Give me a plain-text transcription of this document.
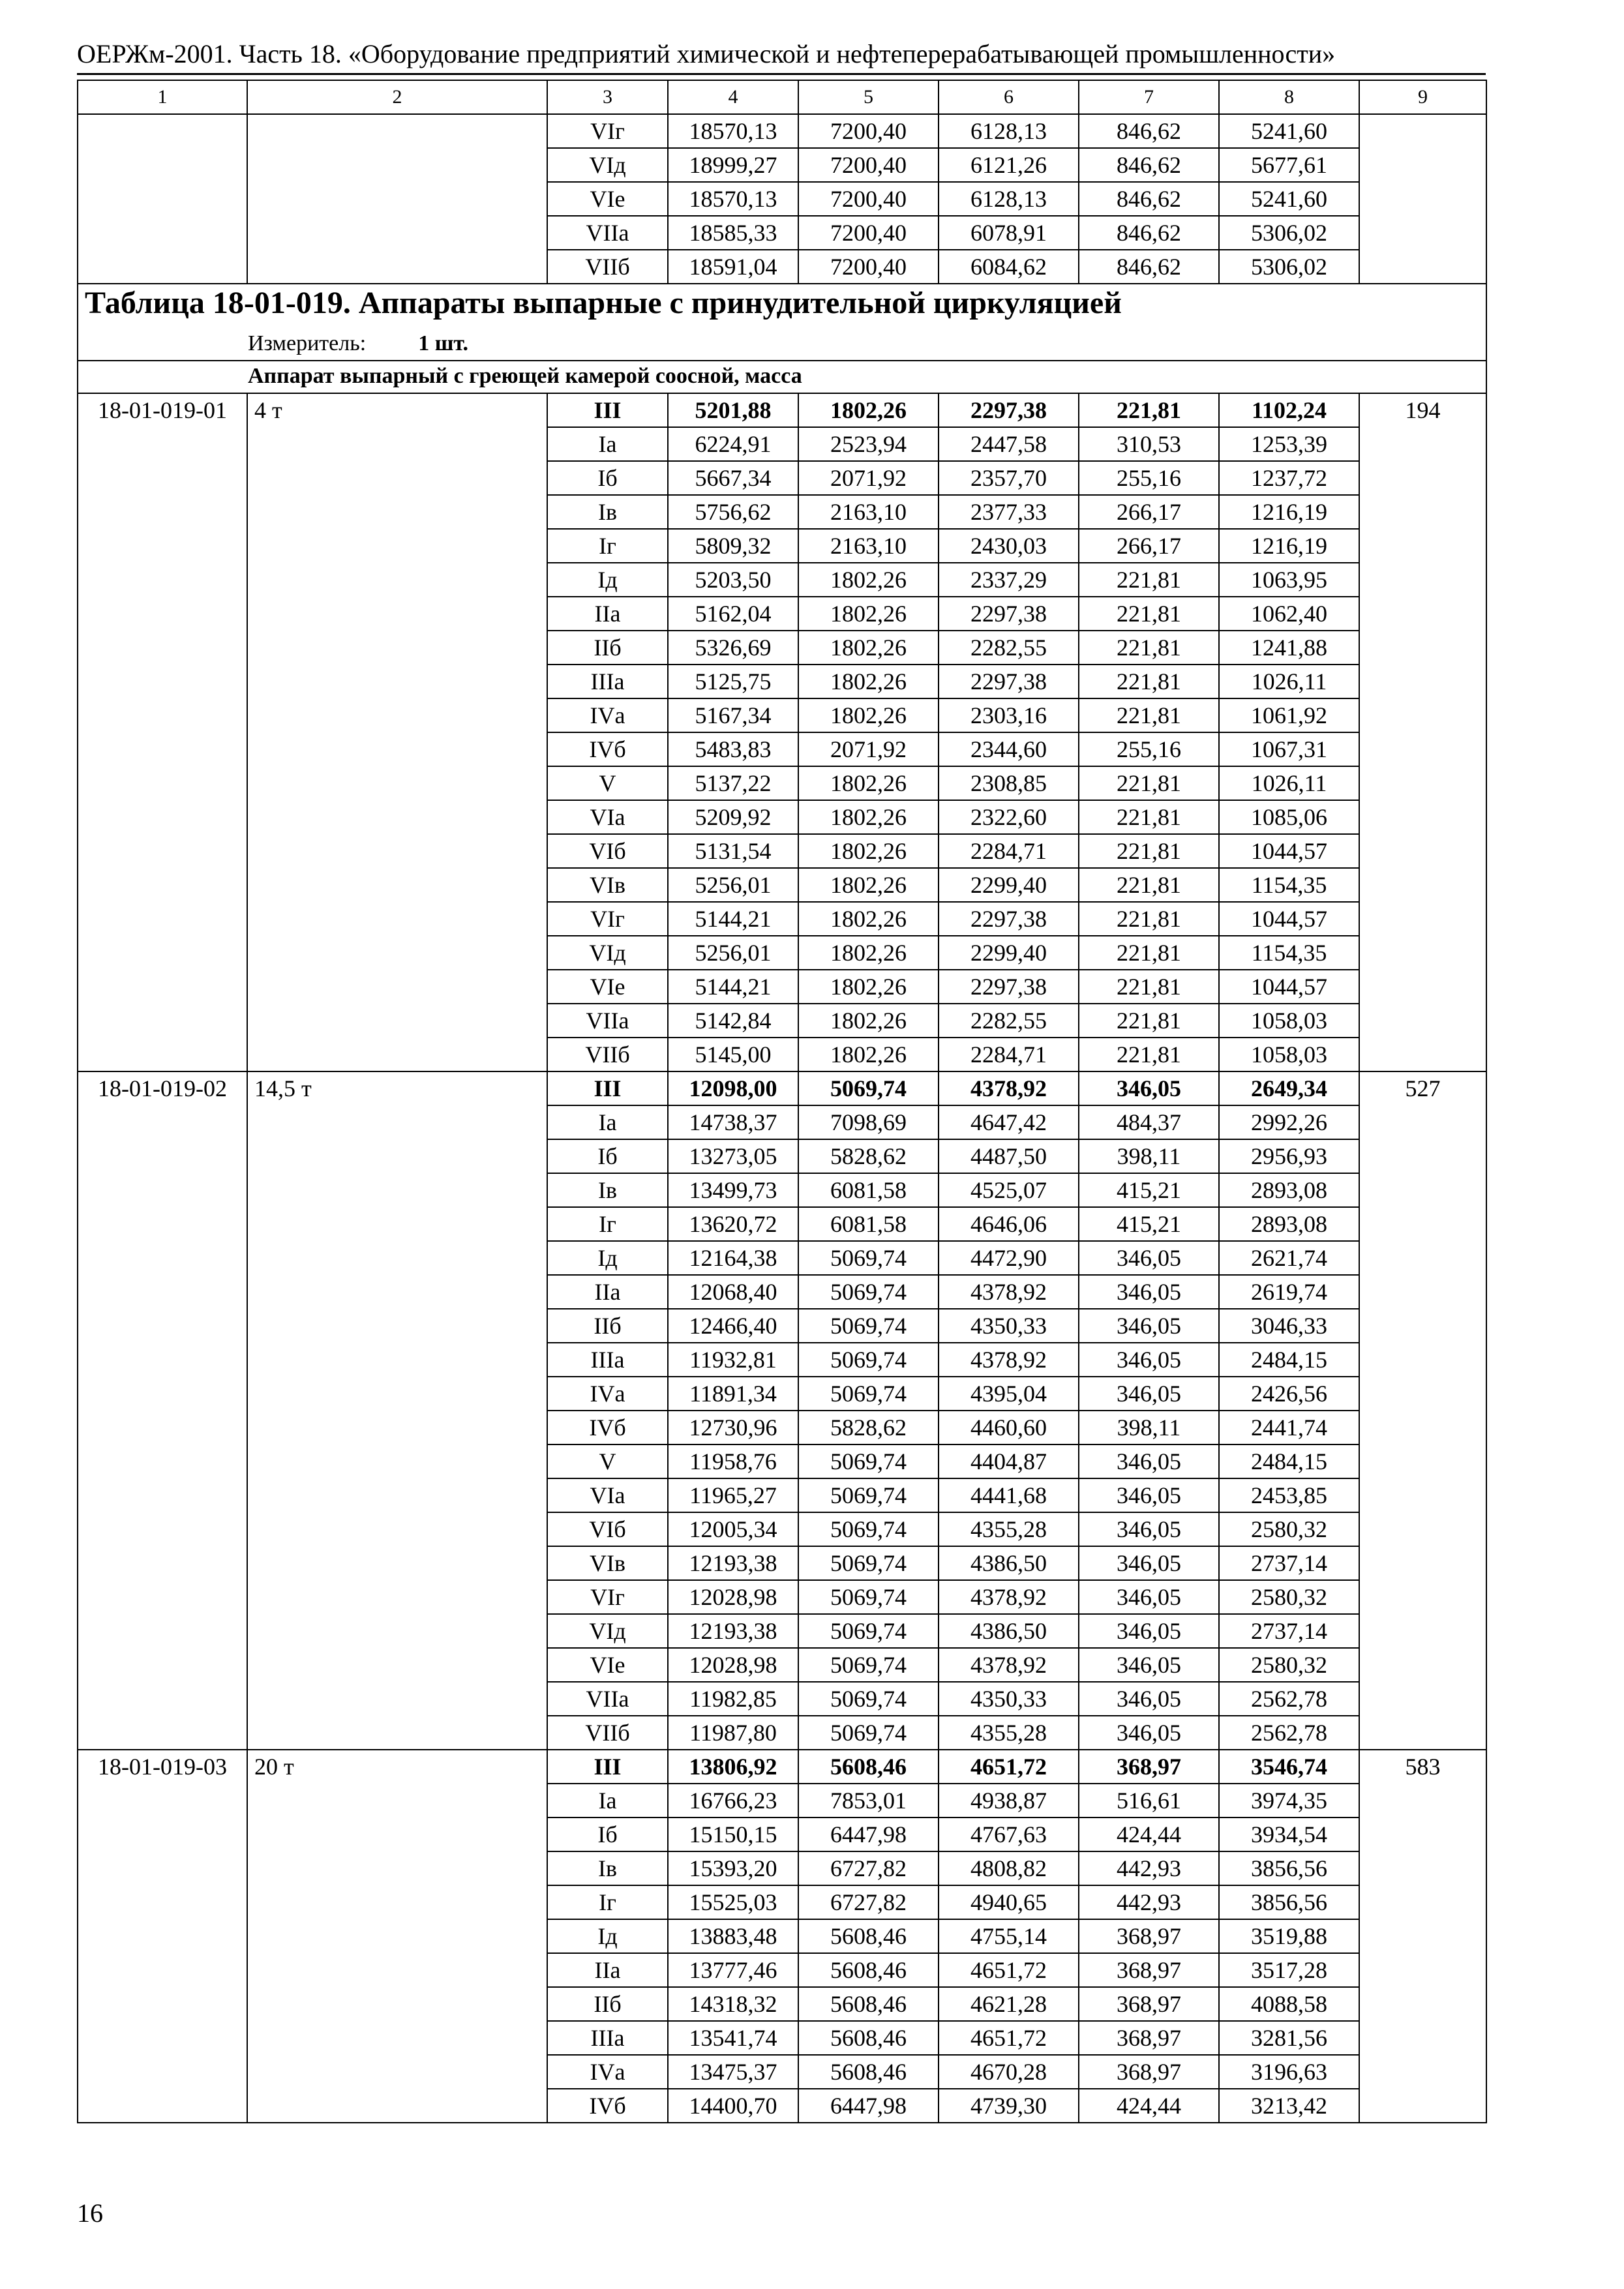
ОЕРЖм-2001. Часть 18. «Оборудование предприятий химической и нефтеперерабатывающей промышленности»
1	2	3	4	5	6	7	8	9
		VIг	18570,13	7200,40	6128,13	846,62	5241,60	
		VIд	18999,27	7200,40	6121,26	846,62	5677,61	
		VIе	18570,13	7200,40	6128,13	846,62	5241,60	
		VIIа	18585,33	7200,40	6078,91	846,62	5306,02	
		VIIб	18591,04	7200,40	6084,62	846,62	5306,02	
Таблица 18-01-019. Аппараты выпарные с принудительной циркуляцией								
Измеритель: 1 шт.								
Аппарат выпарный с греющей камерой соосной, масса								
18-01-019-01	4 т	III	5201,88	1802,26	2297,38	221,81	1102,24	194
		Iа	6224,91	2523,94	2447,58	310,53	1253,39	
		Iб	5667,34	2071,92	2357,70	255,16	1237,72	
		Iв	5756,62	2163,10	2377,33	266,17	1216,19	
		Iг	5809,32	2163,10	2430,03	266,17	1216,19	
		Iд	5203,50	1802,26	2337,29	221,81	1063,95	
		IIа	5162,04	1802,26	2297,38	221,81	1062,40	
		IIб	5326,69	1802,26	2282,55	221,81	1241,88	
		IIIа	5125,75	1802,26	2297,38	221,81	1026,11	
		IVа	5167,34	1802,26	2303,16	221,81	1061,92	
		IVб	5483,83	2071,92	2344,60	255,16	1067,31	
		V	5137,22	1802,26	2308,85	221,81	1026,11	
		VIа	5209,92	1802,26	2322,60	221,81	1085,06	
		VIб	5131,54	1802,26	2284,71	221,81	1044,57	
		VIв	5256,01	1802,26	2299,40	221,81	1154,35	
		VIг	5144,21	1802,26	2297,38	221,81	1044,57	
		VIд	5256,01	1802,26	2299,40	221,81	1154,35	
		VIе	5144,21	1802,26	2297,38	221,81	1044,57	
		VIIа	5142,84	1802,26	2282,55	221,81	1058,03	
		VIIб	5145,00	1802,26	2284,71	221,81	1058,03	
18-01-019-02	14,5 т	III	12098,00	5069,74	4378,92	346,05	2649,34	527
		Iа	14738,37	7098,69	4647,42	484,37	2992,26	
		Iб	13273,05	5828,62	4487,50	398,11	2956,93	
		Iв	13499,73	6081,58	4525,07	415,21	2893,08	
		Iг	13620,72	6081,58	4646,06	415,21	2893,08	
		Iд	12164,38	5069,74	4472,90	346,05	2621,74	
		IIа	12068,40	5069,74	4378,92	346,05	2619,74	
		IIб	12466,40	5069,74	4350,33	346,05	3046,33	
		IIIа	11932,81	5069,74	4378,92	346,05	2484,15	
		IVа	11891,34	5069,74	4395,04	346,05	2426,56	
		IVб	12730,96	5828,62	4460,60	398,11	2441,74	
		V	11958,76	5069,74	4404,87	346,05	2484,15	
		VIа	11965,27	5069,74	4441,68	346,05	2453,85	
		VIб	12005,34	5069,74	4355,28	346,05	2580,32	
		VIв	12193,38	5069,74	4386,50	346,05	2737,14	
		VIг	12028,98	5069,74	4378,92	346,05	2580,32	
		VIд	12193,38	5069,74	4386,50	346,05	2737,14	
		VIе	12028,98	5069,74	4378,92	346,05	2580,32	
		VIIа	11982,85	5069,74	4350,33	346,05	2562,78	
		VIIб	11987,80	5069,74	4355,28	346,05	2562,78	
18-01-019-03	20 т	III	13806,92	5608,46	4651,72	368,97	3546,74	583
		Iа	16766,23	7853,01	4938,87	516,61	3974,35	
		Iб	15150,15	6447,98	4767,63	424,44	3934,54	
		Iв	15393,20	6727,82	4808,82	442,93	3856,56	
		Iг	15525,03	6727,82	4940,65	442,93	3856,56	
		Iд	13883,48	5608,46	4755,14	368,97	3519,88	
		IIа	13777,46	5608,46	4651,72	368,97	3517,28	
		IIб	14318,32	5608,46	4621,28	368,97	4088,58	
		IIIа	13541,74	5608,46	4651,72	368,97	3281,56	
		IVа	13475,37	5608,46	4670,28	368,97	3196,63	
		IVб	14400,70	6447,98	4739,30	424,44	3213,42	
16
